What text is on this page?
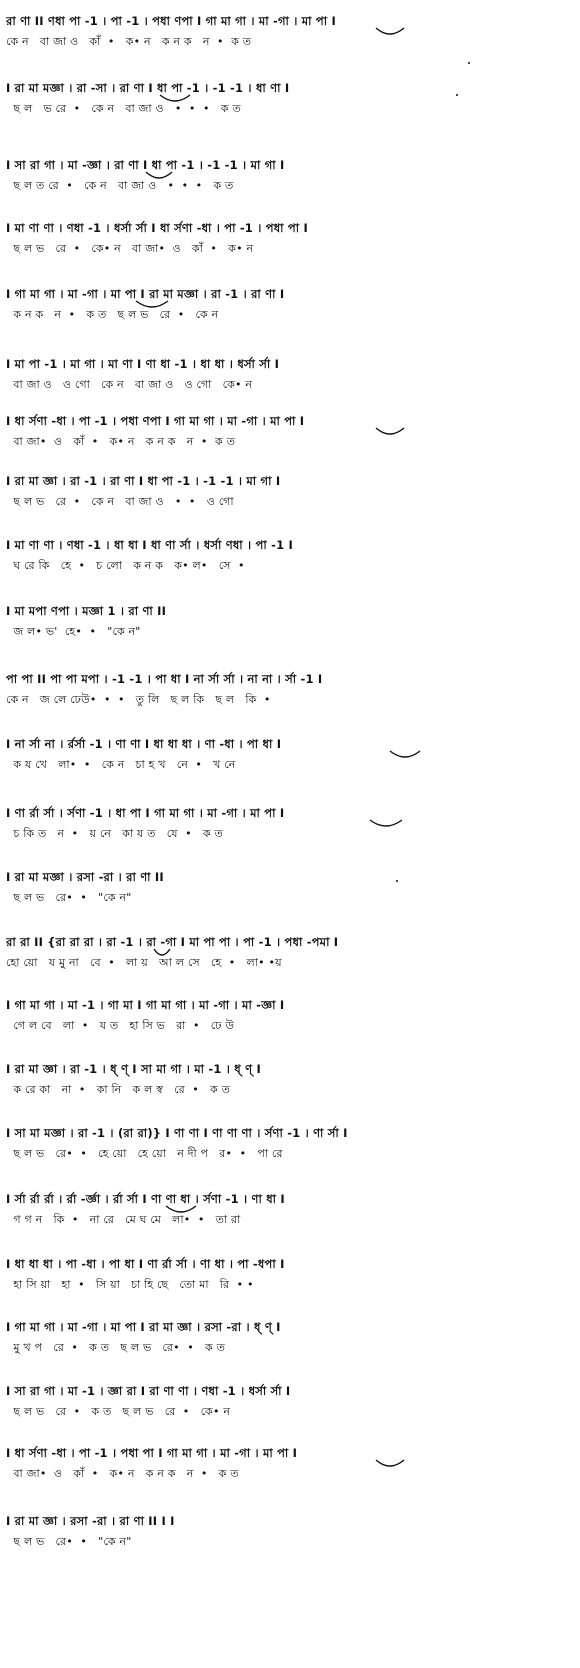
রা ণা II ণধা পা -1 । পা -1 । পধা ণপা I গা মা গা । মা -গা । মা পা I
কে ন   বা জা ও   কাঁ  •   ক• ন   ক ন ক   ন  •  ক ত
I রা মা মজ্ঞা । রা -সা । রা ণা I ধা পা -1 । -1 -1 । ধা ণা I
ছ ল   ভ রে  •   কে ন   বা জা ও   •  •  •   ক ত
I সা রা গা । মা -জ্ঞা । রা ণা I ধা পা -1 । -1 -1 । মা গা I
ছ ল ত রে  •   কে ন   বা জা ও   •  •  •   ক ত
I মা ণা ণা । ণধা -1 । ধর্সা র্সা I ধা র্সণা -ধা । পা -1 । পধা পা I
ছ ল ভ   রে  •   কে• ন   বা জা•  ও   কাঁ  •   ক• ন
I গা মা গা । মা -গা । মা পা I রা মা মজ্ঞা । রা -1 । রা ণা I
ক ন ক   ন  •   ক ত   ছ ল ভ   রে  •   কে ন
I মা পা -1 । মা গা । মা ণা I ণা ধা -1 । ধা ধা । ধর্সা র্সা I
বা জা ও   ও গো   কে ন   বা জা ও   ও গো   কে• ন
I ধা র্সণা -ধা । পা -1 । পধা ণপা I গা মা গা । মা -গা । মা পা I
বা জা•  ও   কাঁ  •   ক• ন   ক ন ক   ন  •  ক ত
I রা মা জ্ঞা । রা -1 । রা ণা I ধা পা -1 । -1 -1 । মা গা I
ছ ল ভ   রে  •   কে ন   বা জা ও   •  •   ও গো
I মা ণা ণা । ণধা -1 । ধা ধা I ধা ণা র্সা । ধর্সা ণধা । পা -1 I
ঘ রে কি   হে  •   চ লো   ক ন ক   ক• ল•   সে  •
I মা মপা ণপা । মজ্ঞা 1 । রা ণা II
জ ল• ভ'  হে•  •   "কে ন"
পা পা II পা পা মপা । -1 -1 । পা ধা I না র্সা র্সা । না না । র্সা -1 I
কে ন   জ লে ঢেউ•  •  •   তু লি   ছ ল কি   ছ ল   কি  •
I না র্সা না । র্রর্সা -1 । ণা ণা I ধা ধা ধা । ণা -ধা । পা ধা I
ক য খে   লা•  •   কে ন   চা হ খ   নে  •   খ নে
I ণা র্রা র্সা । র্সণা -1 । ধা পা I গা মা গা । মা -গা । মা পা I
চ কি ত   ন  •   য় নে   কা য ত   যে  •   ক ত
I রা মা মজ্ঞা । রসা -রা । রা ণা II
ছ ল ভ   রে•  •   "কে ন"
রা রা II {রা রা রা । রা -1 । রা -গা I মা পা পা । পা -1 । পধা -পমা I
হো য়ো   য মু না   বে  •   লা য়   আ ল সে   হে  •   লা• •য়
I গা মা গা । মা -1 । গা মা I গা মা গা । মা -গা । মা -জ্ঞা I
গে ল বে   লা  •   য ত   হা সি ভ   রা  •   ঢে উ
I রা মা জ্ঞা । রা -1 । ধ্ ণ্ I সা মা গা । মা -1 । ধ্ ণ্ I
ক রে কা   না  •   কা নি   ক ল স্ব   রে  •   ক ত
I সা মা মজ্ঞা । রা -1 । (রা রা)} I ণা ণা I ণা ণা ণা । র্সণা -1 । ণা র্সা I
ছ ল ভ   রে•  •   হে য়ো   হে য়ো   ন দী প   র•  •   পা রে
I র্সা র্রা র্রা । র্রা -র্জ্ঞা । র্রা র্সা I ণা ণা ধা । র্সণা -1 । ণা ধা I
গ গ ন   কি  •   না রে   মে ঘ মে   লা•  •   তা রা
I ধা ধা ধা । পা -ধা । পা ধা I ণা র্রা র্সা । ণা ধা । পা -ধপা I
হা সি য়া   হা  •   সি য়া   চা হি ছে   তো মা   রি  • •
I গা মা গা । মা -গা । মা পা I রা মা জ্ঞা । রসা -রা । ধ্ ণ্ I
মু খ প   রে  •   ক ত   ছ ল ভ   রে•  •   ক ত
I সা রা গা । মা -1 । জ্ঞা রা I রা ণা ণা । ণধা -1 । ধর্সা র্সা I
ছ ল ভ   রে  •   ক ত   ছ ল ভ   রে  •   কে• ন
I ধা র্সণা -ধা । পা -1 । পধা পা I গা মা গা । মা -গা । মা পা I
বা জা•  ও   কাঁ  •   ক• ন   ক ন ক   ন  •   ক ত
I রা মা জ্ঞা । রসা -রা । রা ণা II I I
ছ ল ভ   রে•  •   "কে ন"
